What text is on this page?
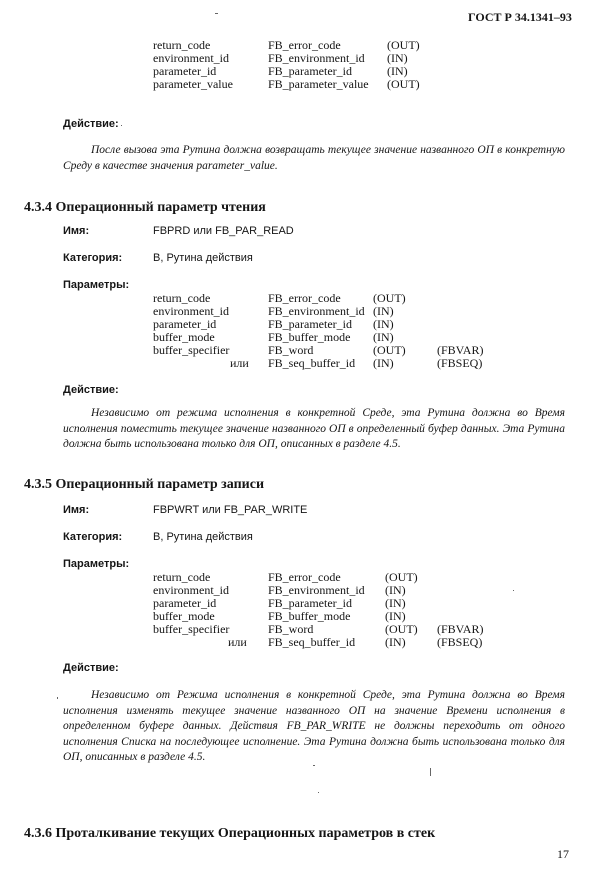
ГОСТ Р 34.1341–93
return_code	FB_error_code	(OUT)
environment_id	FB_environment_id (IN)
parameter_id	FB_parameter_id	(IN)
parameter_value	FB_parameter_value (OUT)
Действие:
После вызова эта Рутина должна возвращать текущее значение названного ОП в конкретную Среду в качестве значения parameter_value.
4.3.4 Операционный параметр чтения
Имя:	FBPRD или FB_PAR_READ
Категория:	B, Рутина действия
Параметры:
return_code	FB_error_code	(OUT)
environment_id	FB_environment_id (IN)
parameter_id	FB_parameter_id (IN)
buffer_mode	FB_buffer_mode (IN)
buffer_specifier	FB_word	(OUT)	(FBVAR)
или FB_seq_buffer_id (IN)	(FBSEQ)
Действие:
Независимо от режима исполнения в конкретной Среде, эта Рутина должна во Время исполнения поместить текущее значение названного ОП в определенный буфер данных. Эта Рутина должна быть использована только для ОП, описанных в разделе 4.5.
4.3.5 Операционный параметр записи
Имя:	FBPWRT или FB_PAR_WRITE
Категория:	B, Рутина действия
Параметры:
return_code	FB_error_code	(OUT)
environment_id	FB_environment_id (IN)
parameter_id	FB_parameter_id	(IN)
buffer_mode	FB_buffer_mode	(IN)
buffer_specifier	FB_word	(OUT) (FBVAR)
или FB_seq_buffer_id (IN)	(FBSEQ)
Действие:
Независимо от Режима исполнения в конкретной Среде, эта Рутина должна во Время исполнения изменять текущее значение названного ОП на значение Времени исполнения в определенном буфере данных. Действия FB_PAR_WRITE не должны переходить от одного исполнения Списка на последующее исполнение. Эта Рутина должна быть использована только для ОП, описанных в разделе 4.5.
4.3.6 Проталкивание текущих Операционных параметров в стек
17
